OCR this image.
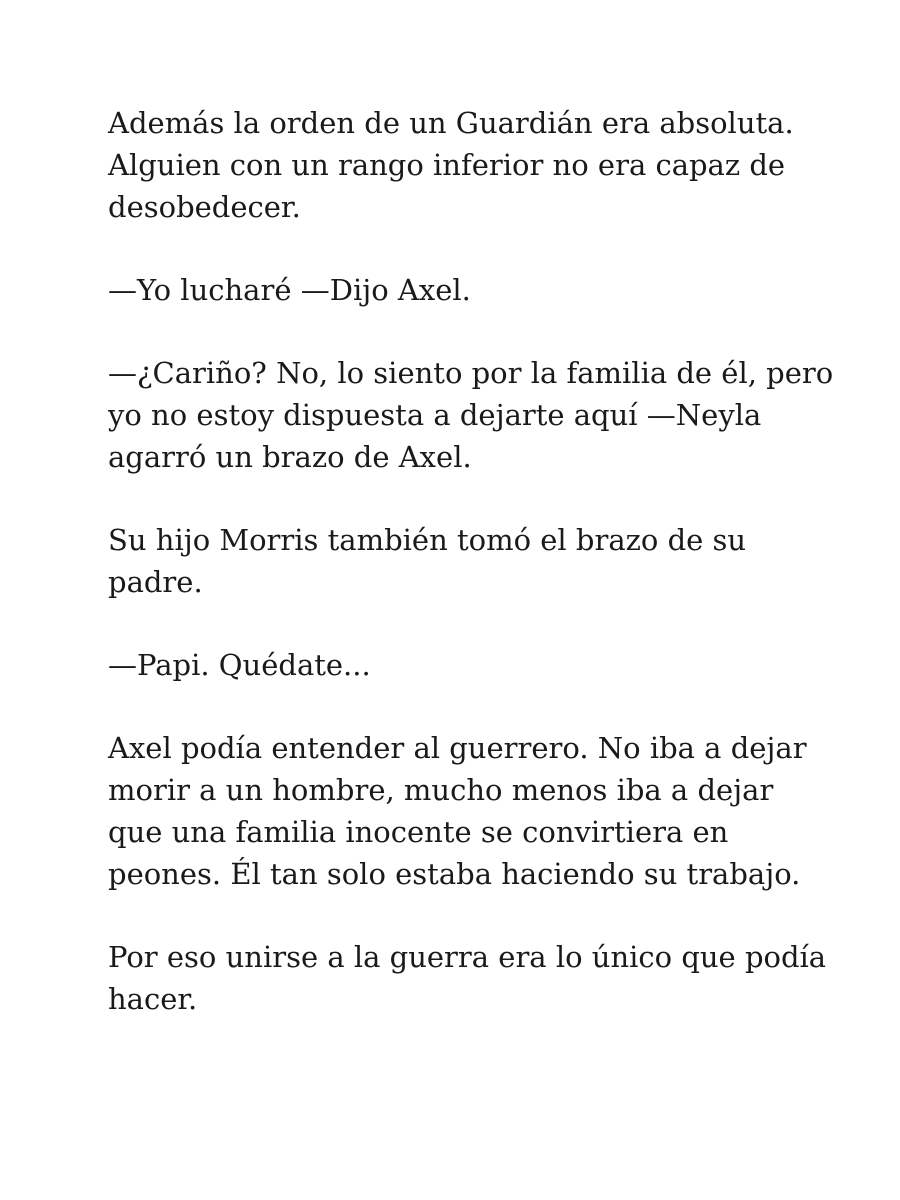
Además la orden de un Guardián era absoluta.
Alguien con un rango inferior no era capaz de
desobedecer.

—Yo lucharé —Dijo Axel.

—¿Cariño? No, lo siento por la familia de él, pero
yo no estoy dispuesta a dejarte aquí —Neyla
agarró un brazo de Axel.

Su hijo Morris también tomó el brazo de su
padre.

—Papi. Quédate...

Axel podía entender al guerrero. No iba a dejar
morir a un hombre, mucho menos iba a dejar
que una familia inocente se convirtiera en
peones. Él tan solo estaba haciendo su trabajo.

Por eso unirse a la guerra era lo único que podía
hacer.
